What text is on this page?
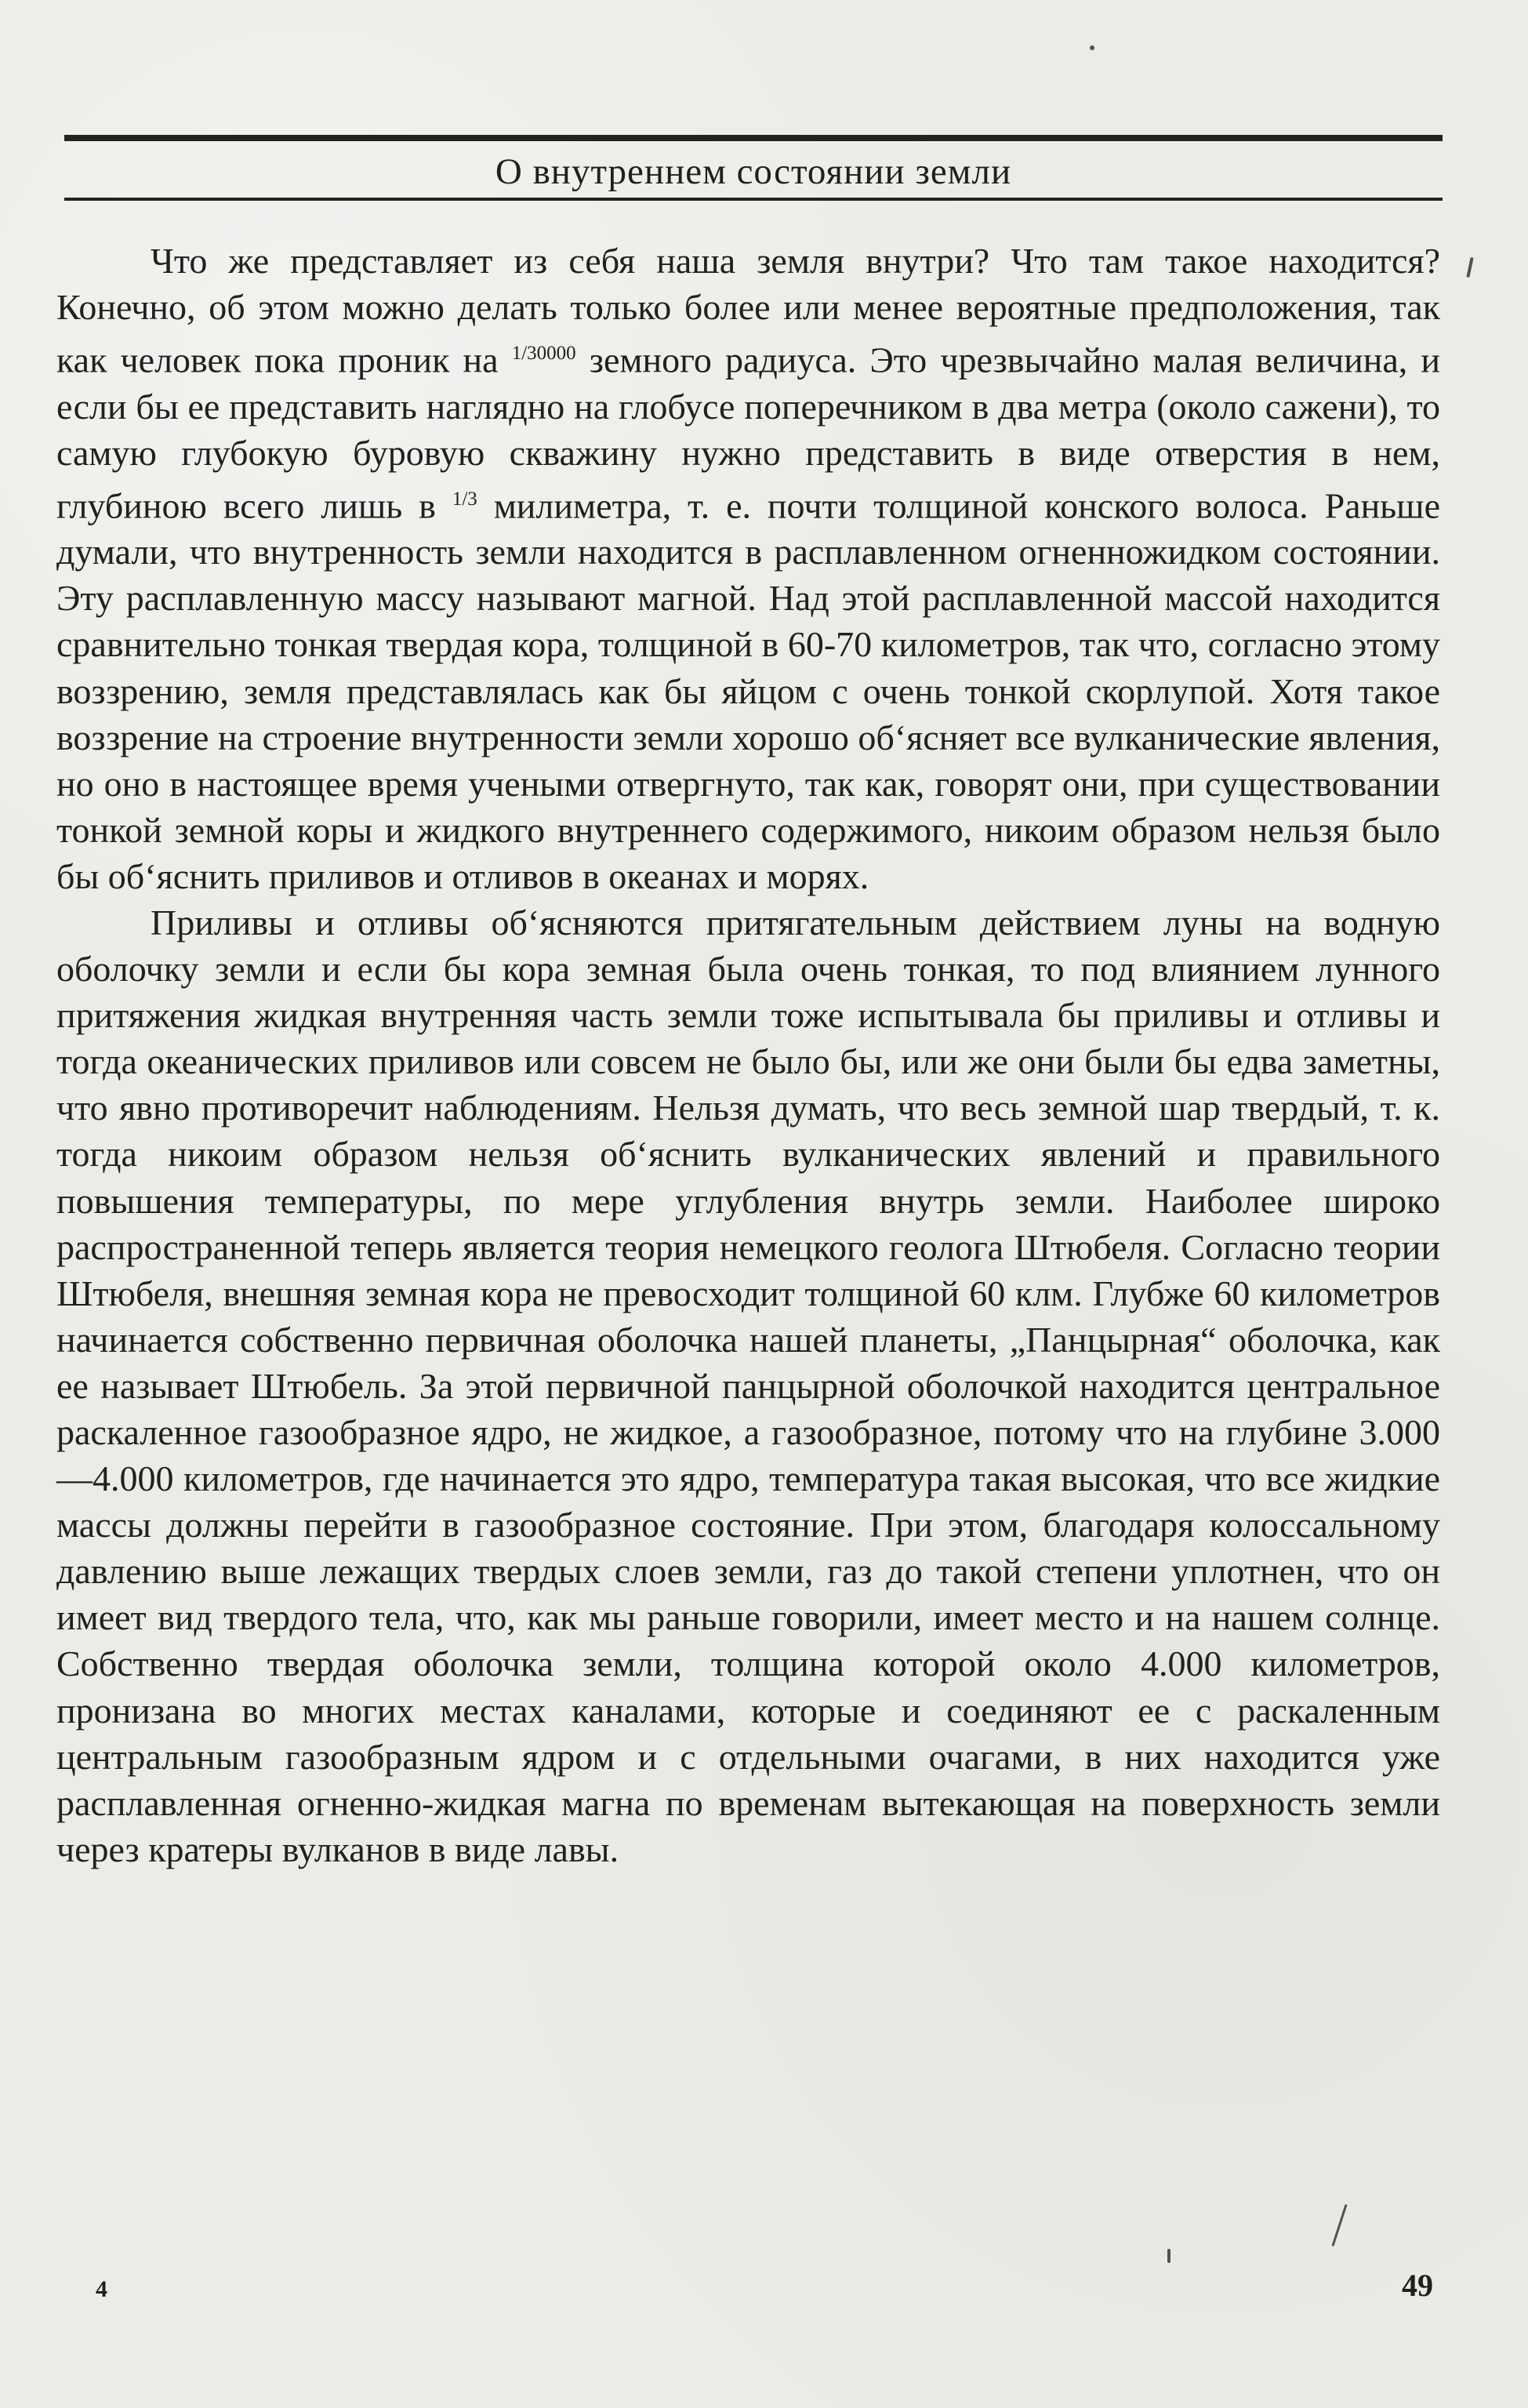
О внутреннем состоянии земли

Что же представляет из себя наша земля внутри? Что там такое находится? Конечно, об этом можно делать только более или менее вероятные предположения, так как человек пока проник на $^{1/30000}$ земного радиуса. Это чрезвычайно малая величина, и если бы ее представить наглядно на глобусе поперечником в два метра (около сажени), то самую глубокую буровую скважину нужно представить в виде отверстия в нем, глубиною всего лишь в $^{1/3}$ милиметра, т. е. почти толщиной конского волоса. Раньше думали, что внутренность земли находится в расплавленном огненножидком состоянии. Эту расплавленную массу называют магной. Над этой расплавленной массой находится сравнительно тонкая твердая кора, толщиной в 60-70 километров, так что, согласно этому воззрению, земля представлялась как бы яйцом с очень тонкой скорлупой. Хотя такое воззрение на строение внутренности земли хорошо об‘ясняет все вулканические явления, но оно в настоящее время учеными отвергнуто, так как, говорят они, при существовании тонкой земной коры и жидкого внутреннего содержимого, никоим образом нельзя было бы об‘яснить приливов и отливов в океанах и морях.

Приливы и отливы об‘ясняются притягательным действием луны на водную оболочку земли и если бы кора земная была очень тонкая, то под влиянием лунного притяжения жидкая внутренняя часть земли тоже испытывала бы приливы и отливы и тогда океанических приливов или совсем не было бы, или же они были бы едва заметны, что явно противоречит наблюдениям. Нельзя думать, что весь земной шар твердый, т. к. тогда никоим образом нельзя об‘яснить вулканических явлений и правильного повышения температуры, по мере углубления внутрь земли. Наиболее широко распространенной теперь является теория немецкого геолога Штюбеля. Согласно теории Штюбеля, внешняя земная кора не превосходит толщиной 60 клм. Глубже 60 километров начинается собственно первичная оболочка нашей планеты, „Панцырная“ оболочка, как ее называет Штюбель. За этой первичной панцырной оболочкой находится центральное раскаленное газообразное ядро, не жидкое, а газообразное, потому что на глубине 3.000—4.000 километров, где начинается это ядро, температура такая высокая, что все жидкие массы должны перейти в газообразное состояние. При этом, благодаря колоссальному давлению выше лежащих твердых слоев земли, газ до такой степени уплотнен, что он имеет вид твердого тела, что, как мы раньше говорили, имеет место и на нашем солнце. Собственно твердая оболочка земли, толщина которой около 4.000 километров, пронизана во многих местах каналами, которые и соединяют ее с раскаленным центральным газообразным ядром и с отдельными очагами, в них находится уже расплавленная огненно-жидкая магна по временам вытекающая на поверхность земли через кратеры вулканов в виде лавы.

4	49
